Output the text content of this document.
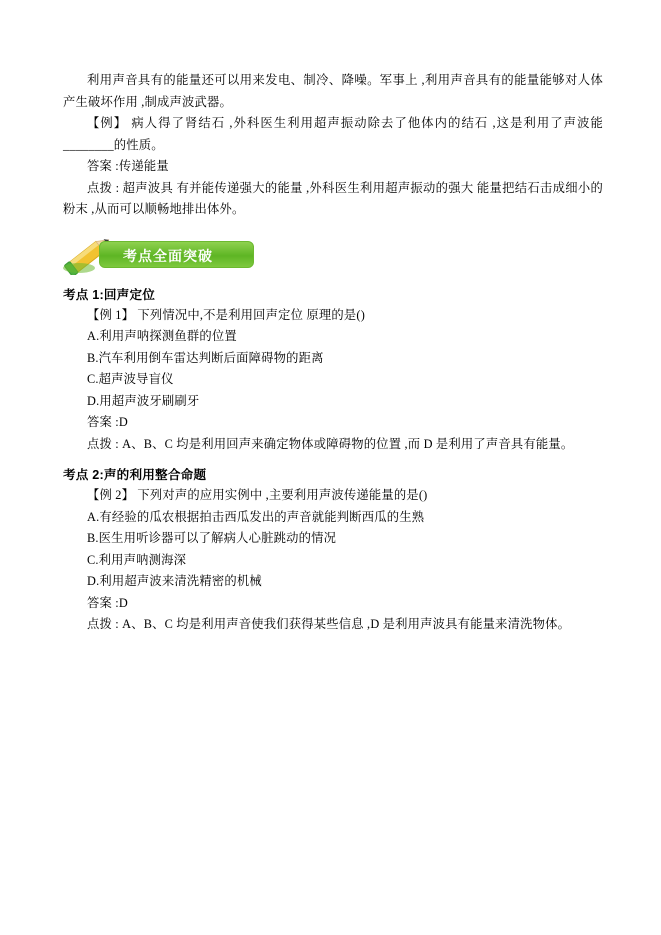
利用声音具有的能量还可以用来发电、制冷、降噪。军事上 ,利用声音具有的能量能够对人体产生破坏作用 ,制成声波武器。

【例】 病人得了肾结石 ,外科医生利用超声振动除去了他体内的结石 ,这是利用了声波能 ________的性质。

答案 :传递能量

点拨 : 超声波具 有并能传递强大的能量 ,外科医生利用超声振动的强大 能量把结石击成细小的粉末 ,从而可以顺畅地排出体外。

考点全面突破
考点 1:回声定位

【例 1】 下列情况中,不是利用回声定位 原理的是()

A.利用声呐探测鱼群的位置

B.汽车利用倒车雷达判断后面障碍物的距离

C.超声波导盲仪

D.用超声波牙刷刷牙

答案 :D

点拨 : A、B、C 均是利用回声来确定物体或障碍物的位置 ,而 D 是利用了声音具有能量。

考点 2:声的利用整合命题

【例 2】 下列对声的应用实例中 ,主要利用声波传递能量的是()

A.有经验的瓜农根据拍击西瓜发出的声音就能判断西瓜的生熟

B.医生用听诊器可以了解病人心脏跳动的情况

C.利用声呐测海深

D.利用超声波来清洗精密的机械

答案 :D

点拨 : A、B、C 均是利用声音使我们获得某些信息 ,D 是利用声波具有能量来清洗物体。
